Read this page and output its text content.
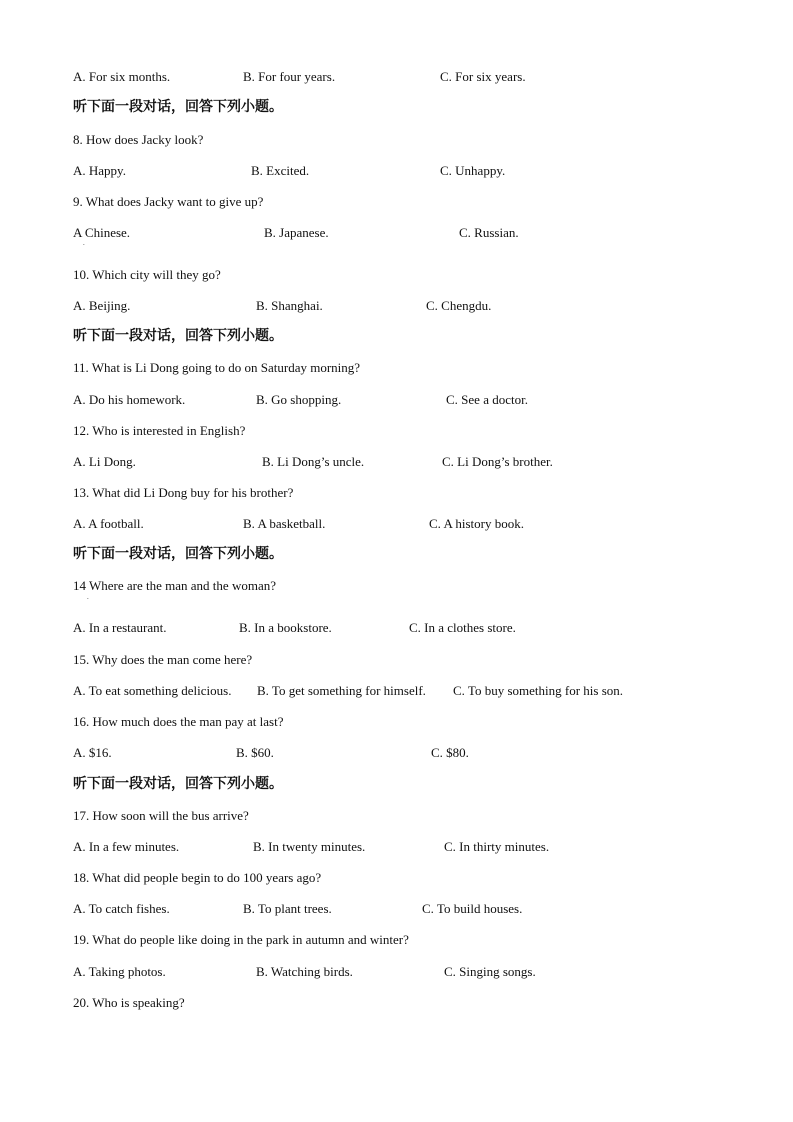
A. For six months.	B. For four years.	C. For six years.
听下面一段对话，回答下列小题。
8. How does Jacky look?
A. Happy.	B. Excited.	C. Unhappy.
9. What does Jacky want to give up?
A Chinese.
.
B. Japanese.	C. Russian.
10. Which city will they go?
A. Beijing.	B. Shanghai.	C. Chengdu.
听下面一段对话，回答下列小题。
11. What is Li Dong going to do on Saturday morning?
A. Do his homework.	B. Go shopping.	C. See a doctor.
12. Who is interested in English?
A. Li Dong.	B. Li Dong’s uncle.	C. Li Dong’s brother.
13. What did Li Dong buy for his brother?
A. A football.	B. A basketball.	C. A history book.
听下面一段对话，回答下列小题。
14 Where are the man and the woman?
.
A. In a restaurant.	B. In a bookstore.	C. In a clothes store.
15. Why does the man come here?
A. To eat something delicious. B. To get something for himself. C. To buy something for his son.
16. How much does the man pay at last?
A. $16.	B. $60.	C. $80.
听下面一段对话，回答下列小题。
17. How soon will the bus arrive?
A. In a few minutes.	B. In twenty minutes.	C. In thirty minutes.
18. What did people begin to do 100 years ago?
A. To catch fishes.	B. To plant trees.	C. To build houses.
19. What do people like doing in the park in autumn and winter?
A. Taking photos.	B. Watching birds.	C. Singing songs.
20. Who is speaking?
